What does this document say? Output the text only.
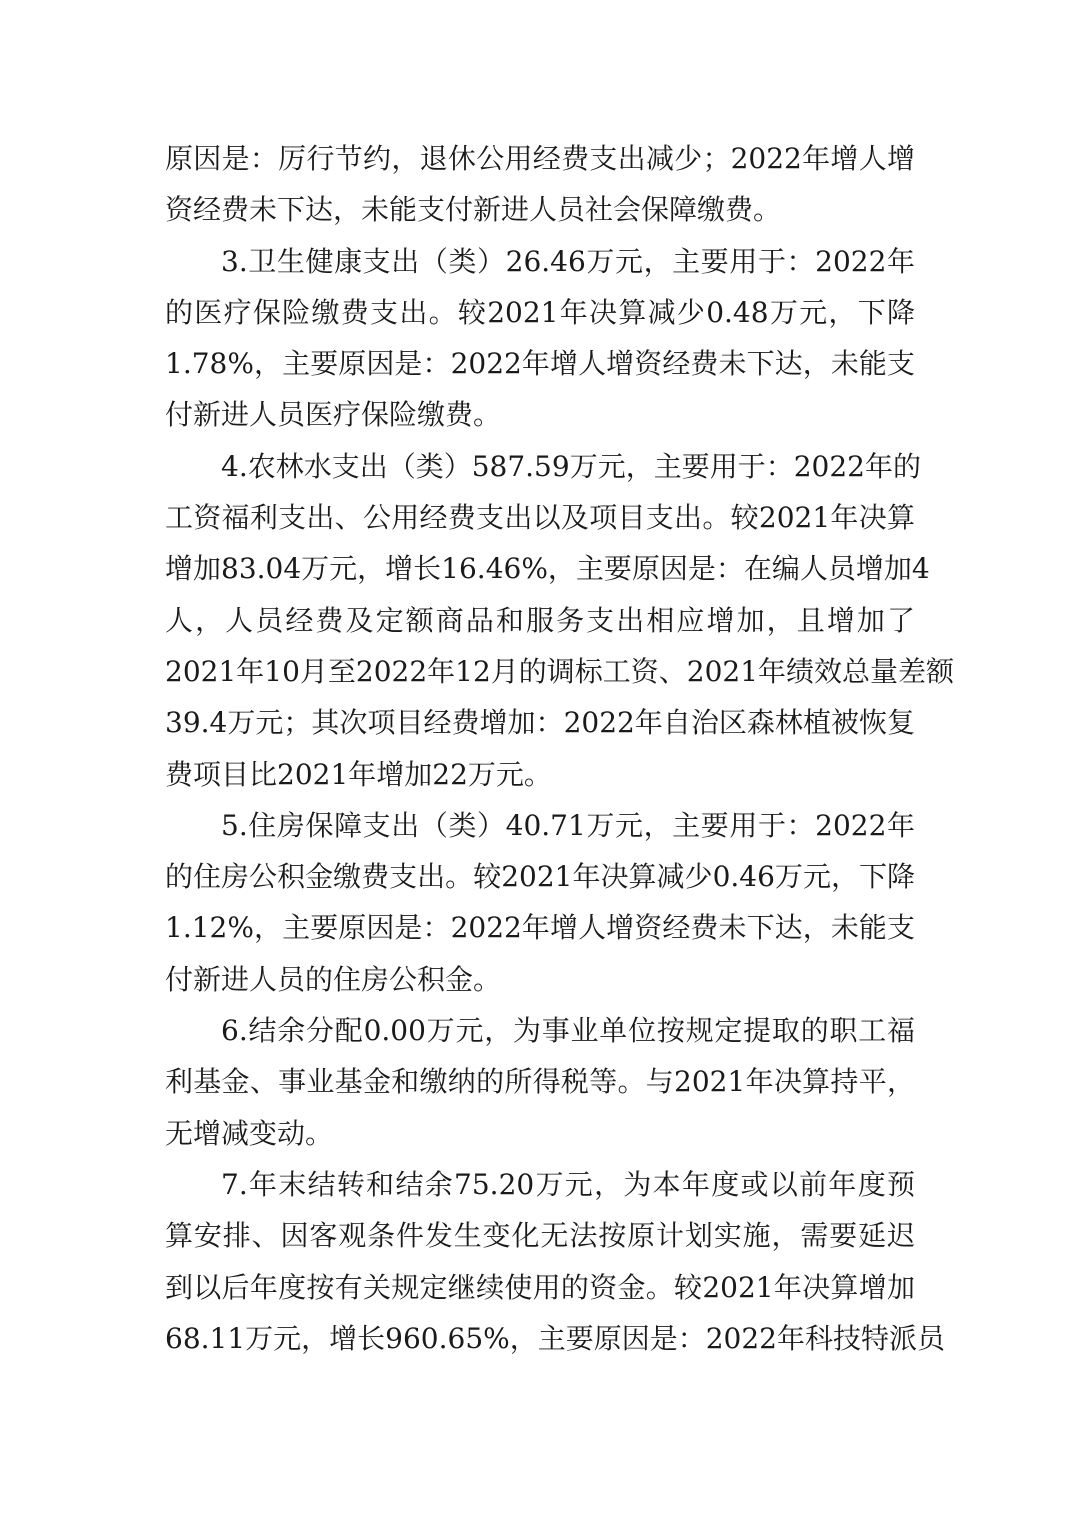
原因是：厉行节约，退休公用经费支出减少；2022年增人增
资经费未下达，未能支付新进人员社会保障缴费。
3.卫生健康支出（类）26.46万元，主要用于：2022年
的医疗保险缴费支出。较2021年决算减少0.48万元，下降
1.78%，主要原因是：2022年增人增资经费未下达，未能支
付新进人员医疗保险缴费。
4.农林水支出（类）587.59万元，主要用于：2022年的
工资福利支出、公用经费支出以及项目支出。较2021年决算
增加83.04万元，增长16.46%，主要原因是：在编人员增加4
人，人员经费及定额商品和服务支出相应增加，且增加了
2021年10月至2022年12月的调标工资、2021年绩效总量差额
39.4万元；其次项目经费增加：2022年自治区森林植被恢复
费项目比2021年增加22万元。
5.住房保障支出（类）40.71万元，主要用于：2022年
的住房公积金缴费支出。较2021年决算减少0.46万元，下降
1.12%，主要原因是：2022年增人增资经费未下达，未能支
付新进人员的住房公积金。
6.结余分配0.00万元，为事业单位按规定提取的职工福
利基金、事业基金和缴纳的所得税等。与2021年决算持平，
无增减变动。
7.年末结转和结余75.20万元，为本年度或以前年度预
算安排、因客观条件发生变化无法按原计划实施，需要延迟
到以后年度按有关规定继续使用的资金。较2021年决算增加
68.11万元，增长960.65%，主要原因是：2022年科技特派员
